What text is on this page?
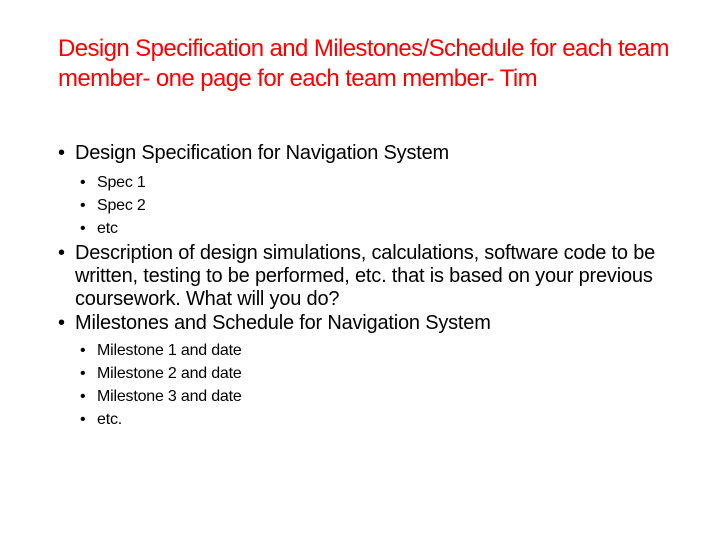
Design Specification and Milestones/Schedule for each team member- one page for each team member- Tim
• Design Specification for Navigation System
• Spec 1
• Spec 2
• etc
• Description of design simulations, calculations, software code to be written, testing to be performed, etc. that is based on your previous coursework. What will you do?
• Milestones and Schedule for Navigation System
• Milestone 1 and date
• Milestone 2 and date
• Milestone 3 and date
• etc.
